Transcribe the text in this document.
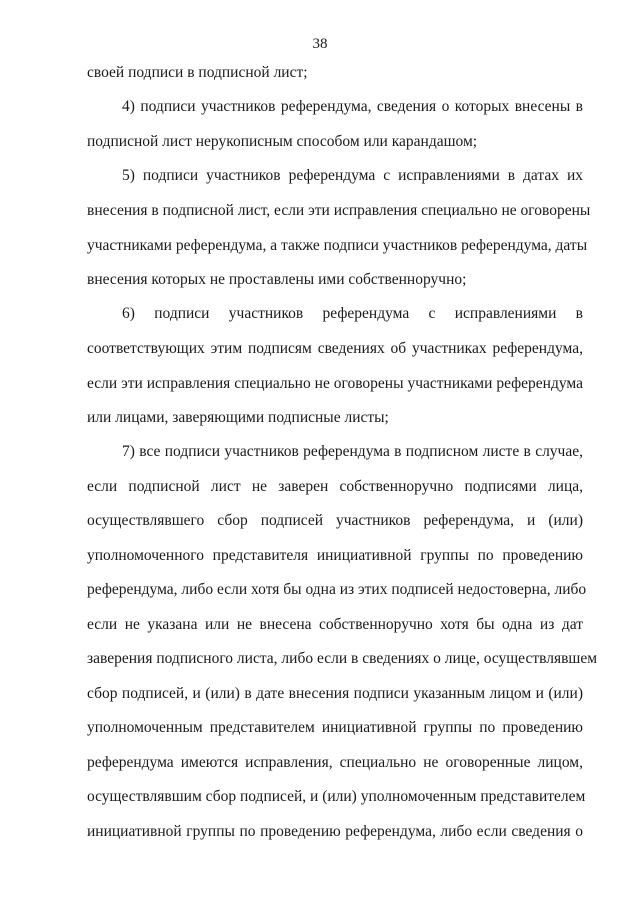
38
своей подписи в подписной лист;
4) подписи участников референдума, сведения о которых внесены в
подписной лист нерукописным способом или карандашом;
5) подписи участников референдума с исправлениями в датах их
внесения в подписной лист, если эти исправления специально не оговорены
участниками референдума, а также подписи участников референдума, даты
внесения которых не проставлены ими собственноручно;
6) подписи участников референдума с исправлениями в
соответствующих этим подписям сведениях об участниках референдума,
если эти исправления специально не оговорены участниками референдума
или лицами, заверяющими подписные листы;
7) все подписи участников референдума в подписном листе в случае,
если подписной лист не заверен собственноручно подписями лица,
осуществлявшего сбор подписей участников референдума, и (или)
уполномоченного представителя инициативной группы по проведению
референдума, либо если хотя бы одна из этих подписей недостоверна, либо
если не указана или не внесена собственноручно хотя бы одна из дат
заверения подписного листа, либо если в сведениях о лице, осуществлявшем
сбор подписей, и (или) в дате внесения подписи указанным лицом и (или)
уполномоченным представителем инициативной группы по проведению
референдума имеются исправления, специально не оговоренные лицом,
осуществлявшим сбор подписей, и (или) уполномоченным представителем
инициативной группы по проведению референдума, либо если сведения о
